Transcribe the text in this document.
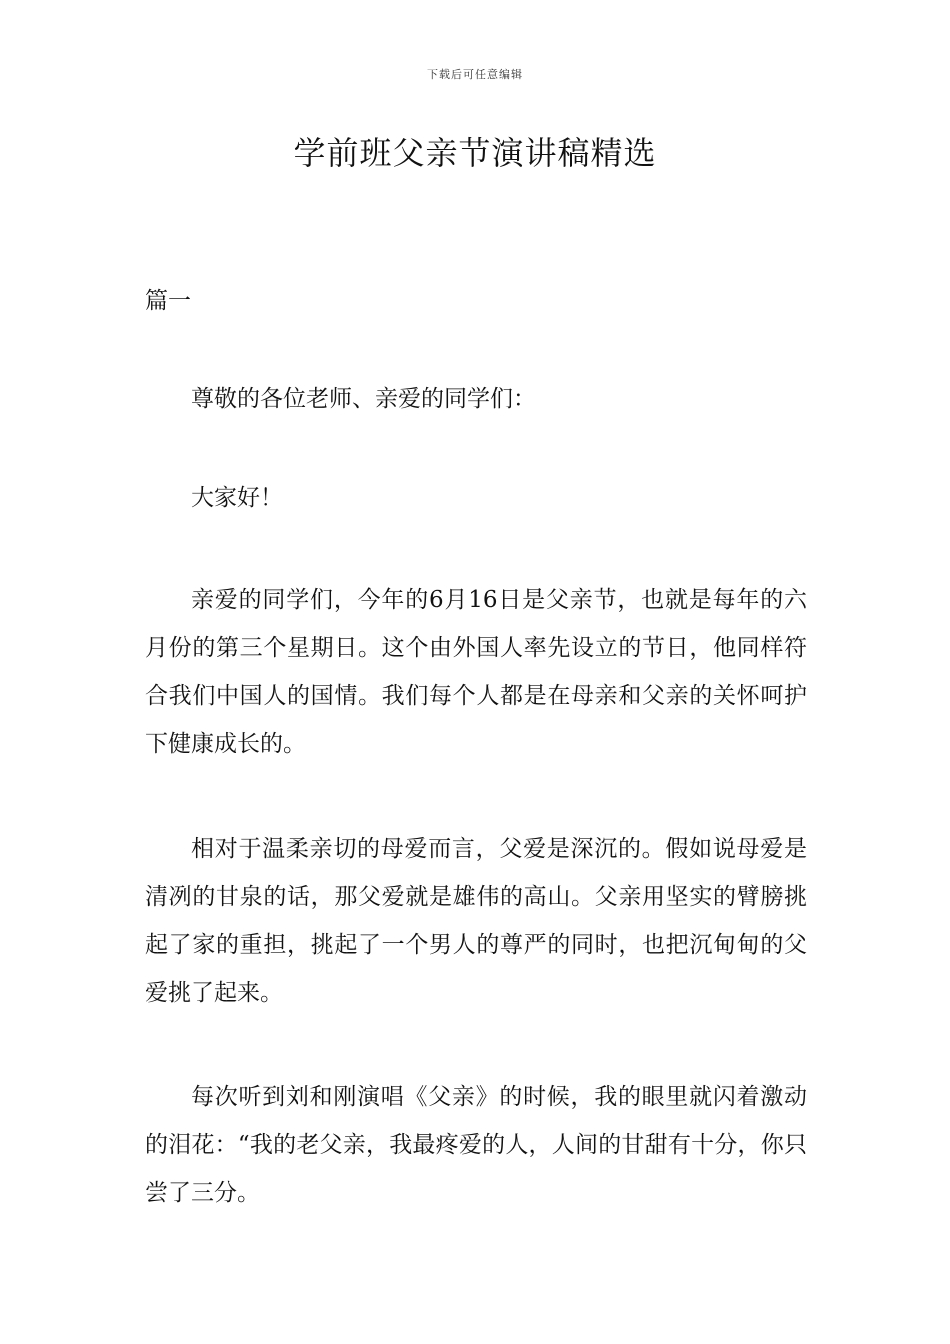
下载后可任意编辑
学前班父亲节演讲稿精选
篇一

尊敬的各位老师、亲爱的同学们：

大家好！

亲爱的同学们，今年的6月16日是父亲节，也就是每年的六月份的第三个星期日。这个由外国人率先设立的节日，他同样符合我们中国人的国情。我们每个人都是在母亲和父亲的关怀呵护下健康成长的。

相对于温柔亲切的母爱而言，父爱是深沉的。假如说母爱是清冽的甘泉的话，那父爱就是雄伟的高山。父亲用坚实的臂膀挑起了家的重担，挑起了一个男人的尊严的同时，也把沉甸甸的父爱挑了起来。

每次听到刘和刚演唱《父亲》的时候，我的眼里就闪着激动的泪花：“我的老父亲，我最疼爱的人，人间的甘甜有十分，你只尝了三分。
